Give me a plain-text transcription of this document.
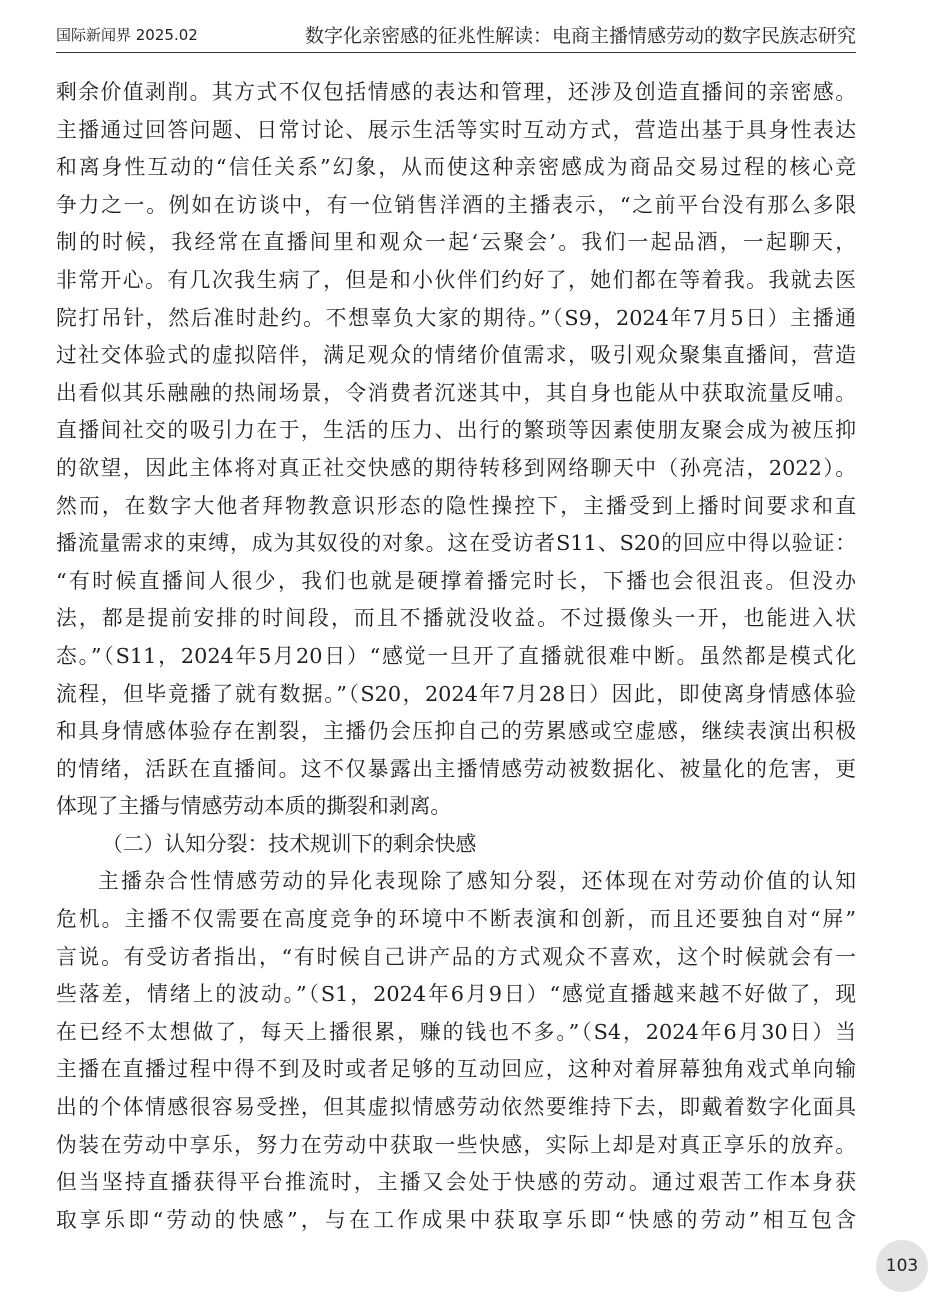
国际新闻界 2025.02	数字化亲密感的征兆性解读：电商主播情感劳动的数字民族志研究
剩余价值剥削。其方式不仅包括情感的表达和管理，还涉及创造直播间的亲密感。
主播通过回答问题、日常讨论、展示生活等实时互动方式，营造出基于具身性表达
和离身性互动的“信任关系”幻象，从而使这种亲密感成为商品交易过程的核心竞
争力之一。例如在访谈中，有一位销售洋酒的主播表示，“之前平台没有那么多限
制的时候，我经常在直播间里和观众一起‘云聚会’。我们一起品酒，一起聊天，
非常开心。有几次我生病了，但是和小伙伴们约好了，她们都在等着我。我就去医
院打吊针，然后准时赴约。不想辜负大家的期待。”（S9，2024年7月5日）主播通
过社交体验式的虚拟陪伴，满足观众的情绪价值需求，吸引观众聚集直播间，营造
出看似其乐融融的热闹场景，令消费者沉迷其中，其自身也能从中获取流量反哺。
直播间社交的吸引力在于，生活的压力、出行的繁琐等因素使朋友聚会成为被压抑
的欲望，因此主体将对真正社交快感的期待转移到网络聊天中（孙亮洁，2022）。
然而，在数字大他者拜物教意识形态的隐性操控下，主播受到上播时间要求和直
播流量需求的束缚，成为其奴役的对象。这在受访者S11、S20的回应中得以验证：
“有时候直播间人很少，我们也就是硬撑着播完时长，下播也会很沮丧。但没办
法，都是提前安排的时间段，而且不播就没收益。不过摄像头一开，也能进入状
态。”（S11，2024年5月20日）“感觉一旦开了直播就很难中断。虽然都是模式化
流程，但毕竟播了就有数据。”（S20，2024年7月28日）因此，即使离身情感体验
和具身情感体验存在割裂，主播仍会压抑自己的劳累感或空虚感，继续表演出积极
的情绪，活跃在直播间。这不仅暴露出主播情感劳动被数据化、被量化的危害，更
体现了主播与情感劳动本质的撕裂和剥离。
（二）认知分裂：技术规训下的剩余快感
主播杂合性情感劳动的异化表现除了感知分裂，还体现在对劳动价值的认知
危机。主播不仅需要在高度竞争的环境中不断表演和创新，而且还要独自对“屏”
言说。有受访者指出，“有时候自己讲产品的方式观众不喜欢，这个时候就会有一
些落差，情绪上的波动。”（S1，2024年6月9日）“感觉直播越来越不好做了，现
在已经不太想做了，每天上播很累，赚的钱也不多。”（S4，2024年6月30日）当
主播在直播过程中得不到及时或者足够的互动回应，这种对着屏幕独角戏式单向输
出的个体情感很容易受挫，但其虚拟情感劳动依然要维持下去，即戴着数字化面具
伪装在劳动中享乐，努力在劳动中获取一些快感，实际上却是对真正享乐的放弃。
但当坚持直播获得平台推流时，主播又会处于快感的劳动。通过艰苦工作本身获
取享乐即“劳动的快感”，与在工作成果中获取享乐即“快感的劳动”相互包含
103
